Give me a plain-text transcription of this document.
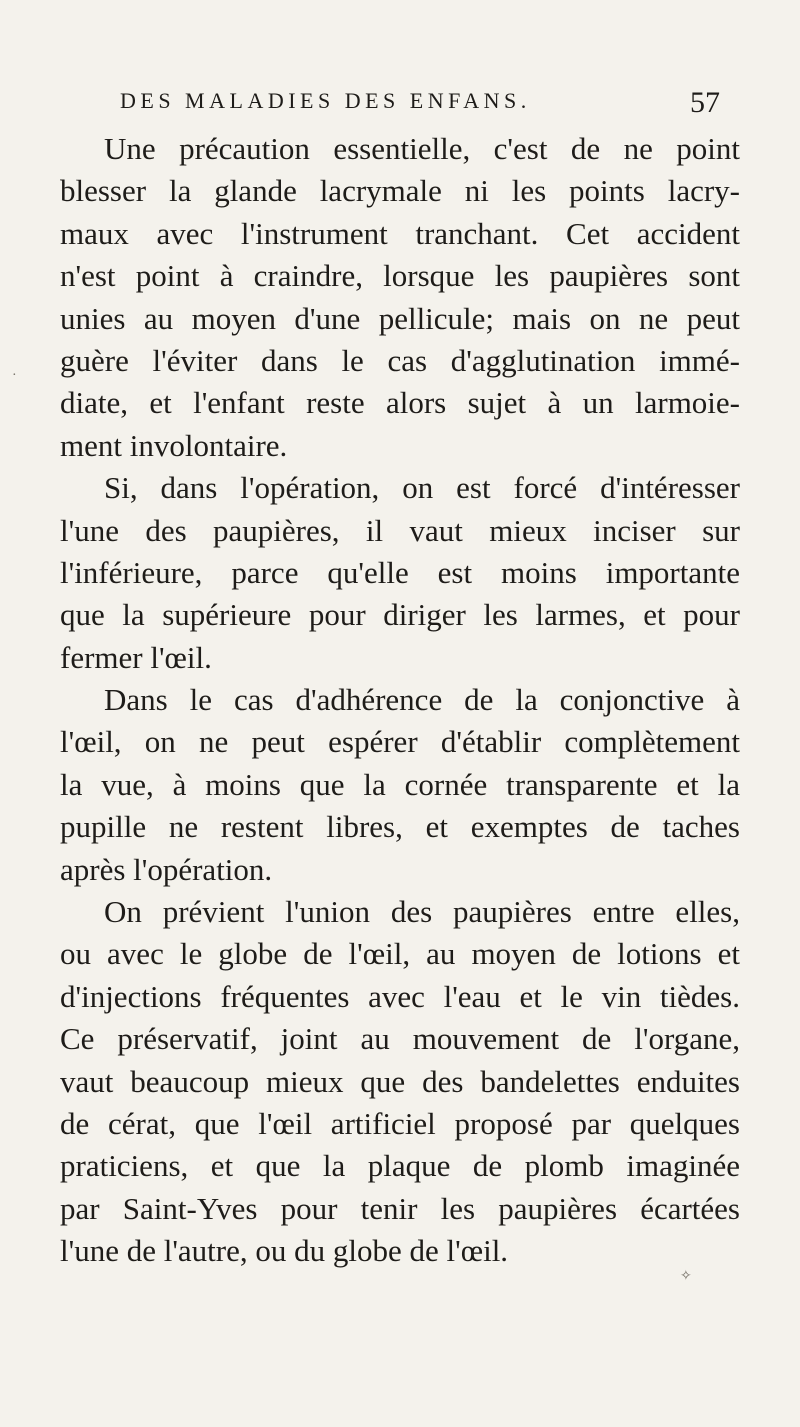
DES MALADIES DES ENFANS.	57
Une précaution essentielle, c'est de ne point
blesser la glande lacrymale ni les points lacry-
maux avec l'instrument tranchant. Cet accident
n'est point à craindre, lorsque les paupières sont
unies au moyen d'une pellicule; mais on ne peut
guère l'éviter dans le cas d'agglutination immé-
diate, et l'enfant reste alors sujet à un larmoie-
ment involontaire.
Si, dans l'opération, on est forcé d'intéresser
l'une des paupières, il vaut mieux inciser sur
l'inférieure, parce qu'elle est moins importante
que la supérieure pour diriger les larmes, et pour
fermer l'œil.
Dans le cas d'adhérence de la conjonctive à
l'œil, on ne peut espérer d'établir complètement
la vue, à moins que la cornée transparente et la
pupille ne restent libres, et exemptes de taches
après l'opération.
On prévient l'union des paupières entre elles,
ou avec le globe de l'œil, au moyen de lotions et
d'injections fréquentes avec l'eau et le vin tièdes.
Ce préservatif, joint au mouvement de l'organe,
vaut beaucoup mieux que des bandelettes enduites
de cérat, que l'œil artificiel proposé par quelques
praticiens, et que la plaque de plomb imaginée
par Saint-Yves pour tenir les paupières écartées
l'une de l'autre, ou du globe de l'œil.
·
✧
